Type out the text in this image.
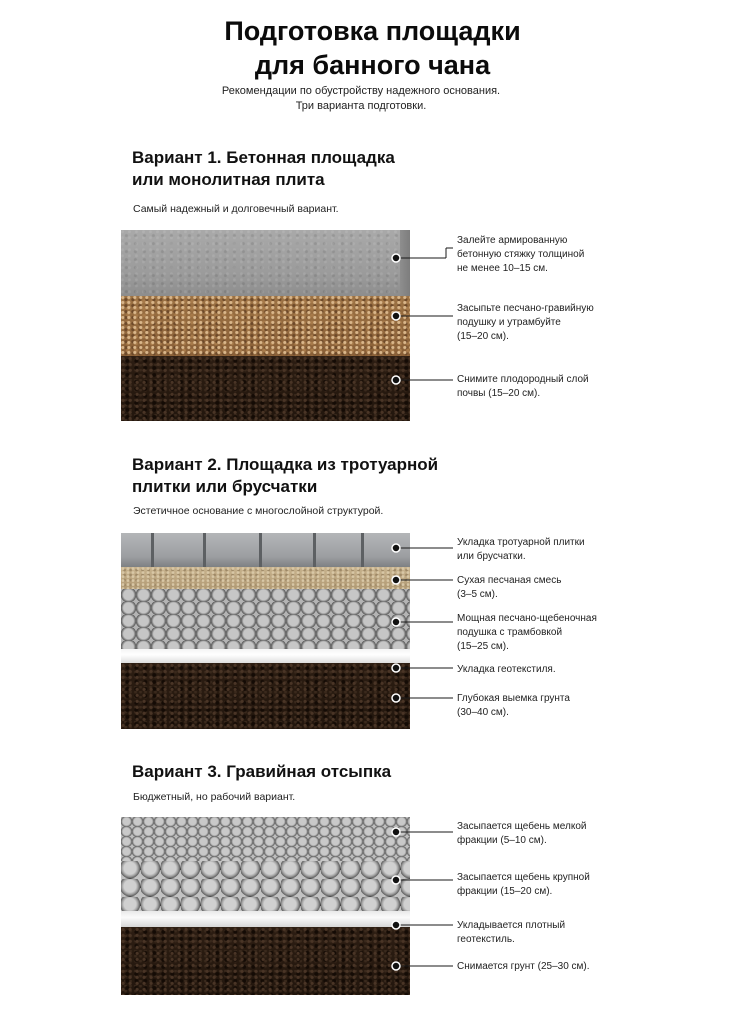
Подготовка площадки
для банного чана
Рекомендации по обустройству надежного основания.
Три варианта подготовки.
Вариант 1. Бетонная площадка
или монолитная плита
Самый надежный и долговечный вариант.
Залейте армированную
бетонную стяжку толщиной
не менее 10–15 см.
Засыпьте песчано-гравийную
подушку и утрамбуйте
(15–20 см).
Снимите плодородный слой
почвы (15–20 см).
Вариант 2. Площадка из тротуарной
плитки или брусчатки
Эстетичное основание с многослойной структурой.
Укладка тротуарной плитки
или брусчатки.
Сухая песчаная смесь
(3–5 см).
Мощная песчано-щебеночная
подушка с трамбовкой
(15–25 см).
Укладка геотекстиля.
Глубокая выемка грунта
(30–40 см).
Вариант 3. Гравийная отсыпка
Бюджетный, но рабочий вариант.
Засыпается щебень мелкой
фракции (5–10 см).
Засыпается щебень крупной
фракции (15–20 см).
Укладывается плотный
геотекстиль.
Снимается грунт (25–30 см).
